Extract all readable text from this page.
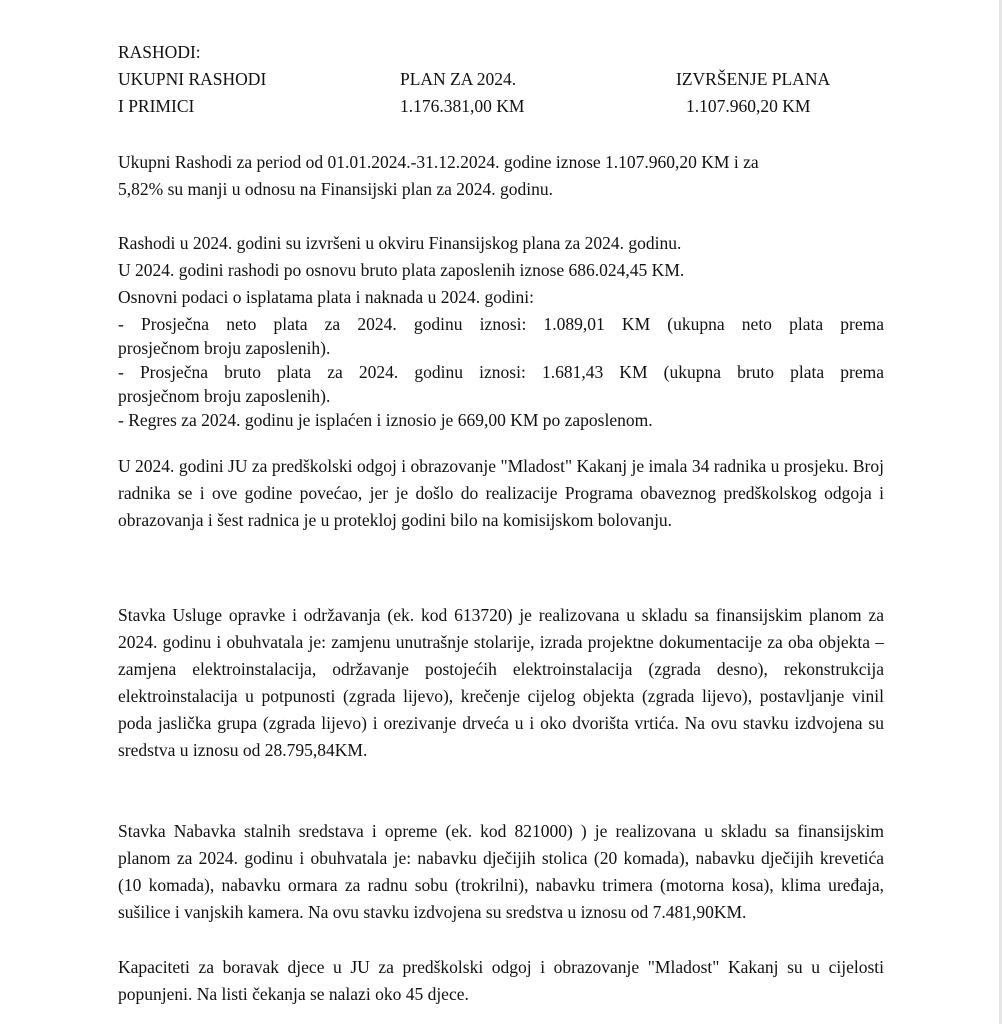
RASHODI:
UKUPNI RASHODI
I PRIMICI
PLAN ZA 2024.
1.176.381,00 KM
IZVRŠENJE PLANA
1.107.960,20 KM
Ukupni Rashodi za period od 01.01.2024.-31.12.2024. godine iznose 1.107.960,20 KM i za
5,82% su manji u odnosu na Finansijski plan za 2024. godinu.
Rashodi u 2024. godini su izvršeni u okviru Finansijskog plana za 2024. godinu.
U 2024. godini rashodi po osnovu bruto plata zaposlenih iznose 686.024,45 KM.
Osnovni podaci o isplatama plata i naknada u 2024. godini:
- Prosječna neto plata za 2024. godinu iznosi: 1.089,01 KM (ukupna neto plata prema
prosječnom broju zaposlenih).
- Prosječna bruto plata za 2024. godinu iznosi: 1.681,43 KM (ukupna bruto plata prema
prosječnom broju zaposlenih).
- Regres za 2024. godinu je isplaćen i iznosio je 669,00 KM po zaposlenom.
U 2024. godini JU za predškolski odgoj i obrazovanje "Mladost" Kakanj je imala 34 radnika u prosjeku. Broj radnika se i ove godine povećao, jer je došlo do realizacije Programa obaveznog predškolskog odgoja i obrazovanja i šest radnica je u proteklоj godini bilo na komisijskom bolovanju.
Stavka Usluge opravke i održavanja (ek. kod 613720) je realizovana u skladu sa finansijskim planom za 2024. godinu i obuhvatala je: zamjenu unutrašnje stolarije, izrada projektne dokumentacije za oba objekta – zamjena elektroinstalacija, održavanje postojećih elektroinstalacija (zgrada desno), rekonstrukcija elektroinstalacija u potpunosti (zgrada lijevo), krečenje cijelog objekta (zgrada lijevo), postavljanje vinil poda jaslička grupa (zgrada lijevo) i orezivanje drveća u i oko dvorišta vrtića. Na ovu stavku izdvojena su sredstva u iznosu od 28.795,84KM.
Stavka Nabavka stalnih sredstava i opreme (ek. kod 821000) ) je realizovana u skladu sa finansijskim planom za 2024. godinu i obuhvatala je: nabavku dječijih stolica (20 komada), nabavku dječijih krevetića (10 komada), nabavku ormara za radnu sobu (trokrilni), nabavku trimera (motorna kosa), klima uređaja, sušilice i vanjskih kamera. Na ovu stavku izdvojena su sredstva u iznosu od 7.481,90KM.
Kapaciteti za boravak djece u JU za predškolski odgoj i obrazovanje "Mladost" Kakanj su u cijelosti popunjeni. Na listi čekanja se nalazi oko 45 djece.
